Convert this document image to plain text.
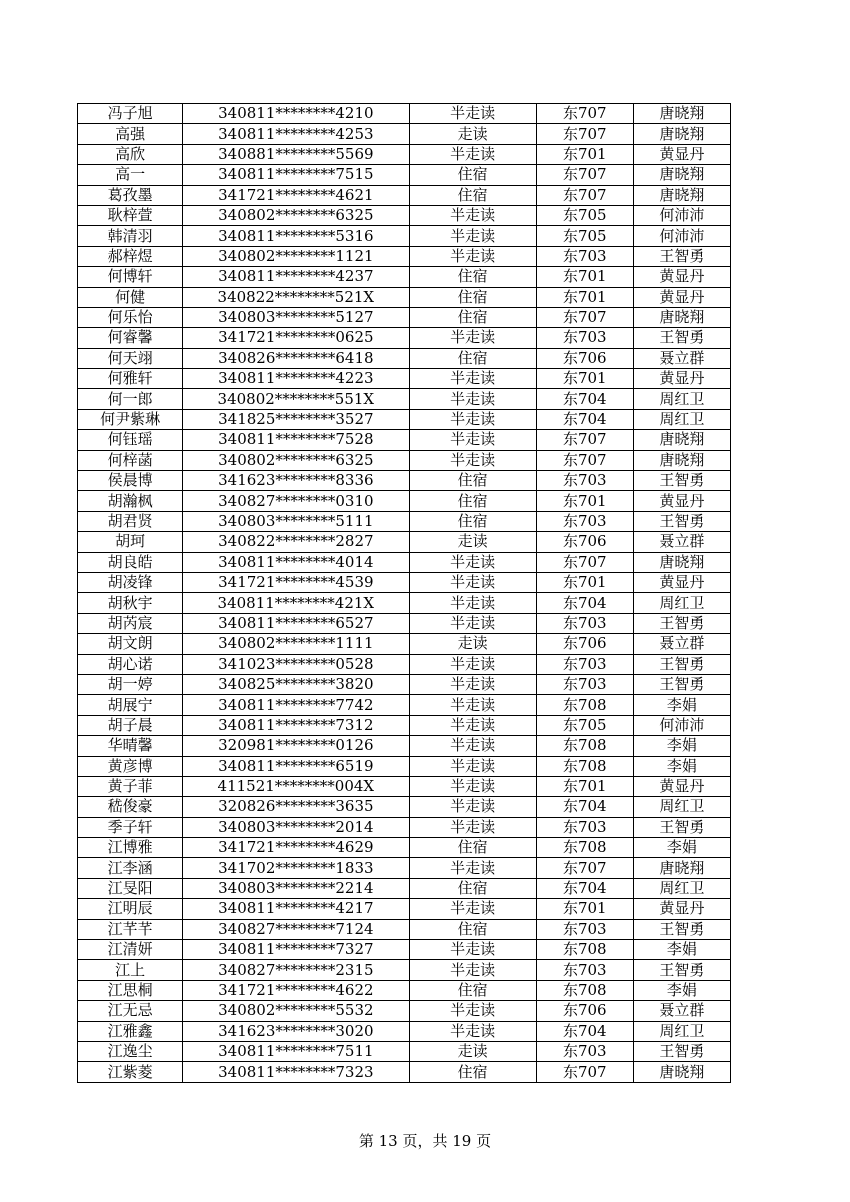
冯子旭	340811********4210	半走读	东707	唐晓翔
高强	340811********4253	走读	东707	唐晓翔
高欣	340881********5569	半走读	东701	黄显丹
高一	340811********7515	住宿	东707	唐晓翔
葛孜墨	341721********4621	住宿	东707	唐晓翔
耿梓萱	340802********6325	半走读	东705	何沛沛
韩清羽	340811********5316	半走读	东705	何沛沛
郝梓煜	340802********1121	半走读	东703	王智勇
何博轩	340811********4237	住宿	东701	黄显丹
何健	340822********521X	住宿	东701	黄显丹
何乐怡	340803********5127	住宿	东707	唐晓翔
何睿馨	341721********0625	半走读	东703	王智勇
何天翊	340826********6418	住宿	东706	聂立群
何雅轩	340811********4223	半走读	东701	黄显丹
何一郎	340802********551X	半走读	东704	周红卫
何尹紫琳	341825********3527	半走读	东704	周红卫
何钰瑶	340811********7528	半走读	东707	唐晓翔
何梓菡	340802********6325	半走读	东707	唐晓翔
侯晨博	341623********8336	住宿	东703	王智勇
胡瀚枫	340827********0310	住宿	东701	黄显丹
胡君贤	340803********5111	住宿	东703	王智勇
胡珂	340822********2827	走读	东706	聂立群
胡良皓	340811********4014	半走读	东707	唐晓翔
胡凌锋	341721********4539	半走读	东701	黄显丹
胡秋宇	340811********421X	半走读	东704	周红卫
胡芮宸	340811********6527	半走读	东703	王智勇
胡文朗	340802********1111	走读	东706	聂立群
胡心诺	341023********0528	半走读	东703	王智勇
胡一婷	340825********3820	半走读	东703	王智勇
胡展宁	340811********7742	半走读	东708	李娟
胡子晨	340811********7312	半走读	东705	何沛沛
华晴馨	320981********0126	半走读	东708	李娟
黄彦博	340811********6519	半走读	东708	李娟
黄子菲	411521********004X	半走读	东701	黄显丹
嵇俊豪	320826********3635	半走读	东704	周红卫
季子轩	340803********2014	半走读	东703	王智勇
江博雅	341721********4629	住宿	东708	李娟
江李涵	341702********1833	半走读	东707	唐晓翔
江旻阳	340803********2214	住宿	东704	周红卫
江明辰	340811********4217	半走读	东701	黄显丹
江芊芊	340827********7124	住宿	东703	王智勇
江清妍	340811********7327	半走读	东708	李娟
江上	340827********2315	半走读	东703	王智勇
江思桐	341721********4622	住宿	东708	李娟
江无忌	340802********5532	半走读	东706	聂立群
江雅鑫	341623********3020	半走读	东704	周红卫
江逸尘	340811********7511	走读	东703	王智勇
江紫菱	340811********7323	住宿	东707	唐晓翔
第 13 页，共 19 页
